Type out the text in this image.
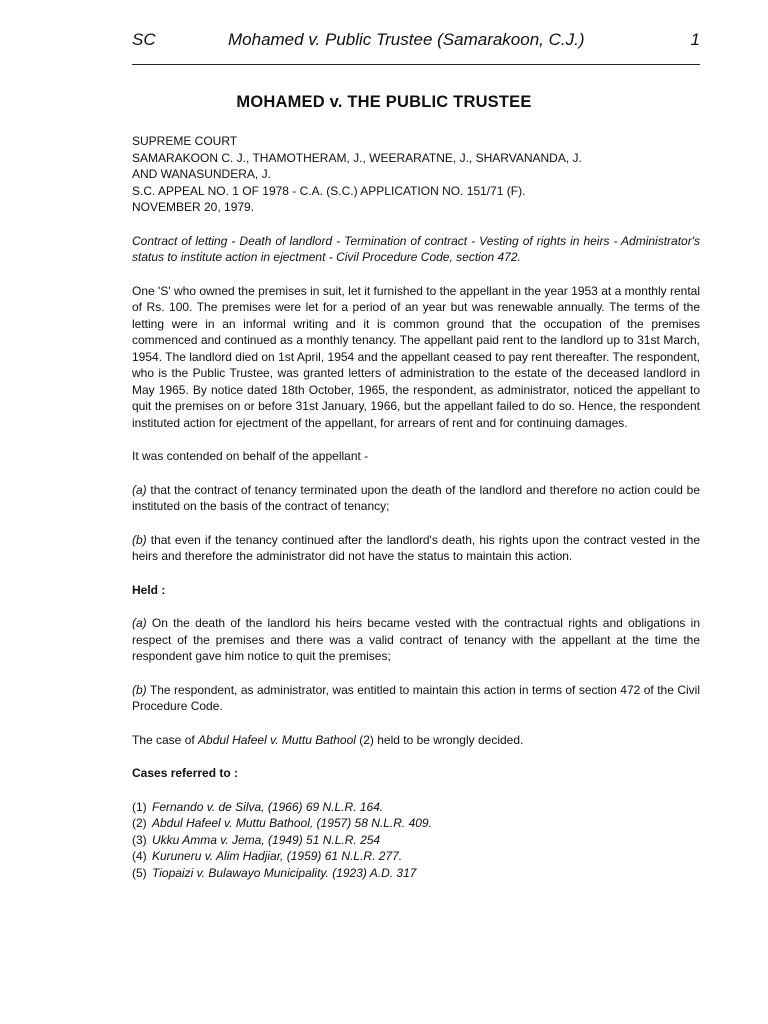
SC	Mohamed v. Public Trustee (Samarakoon, C.J.)	1
MOHAMED v. THE PUBLIC TRUSTEE

SUPREME COURT

SAMARAKOON C. J., THAMOTHERAM, J., WEERARATNE, J., SHARVANANDA, J.

AND WANASUNDERA, J.

S.C. APPEAL NO. 1 OF 1978 - C.A. (S.C.) APPLICATION NO. 151/71 (F).

NOVEMBER 20, 1979.

Contract of letting - Death of landlord - Termination of contract - Vesting of rights in heirs - Administrator's status to institute action in ejectment - Civil Procedure Code, section 472.

One 'S' who owned the premises in suit, let it furnished to the appellant in the year 1953 at a monthly rental of Rs. 100. The premises were let for a period of an year but was renewable annually. The terms of the letting were in an informal writing and it is common ground that the occupation of the premises commenced and continued as a monthly tenancy. The appellant paid rent to the landlord up to 31st March, 1954. The landlord died on 1st April, 1954 and the appellant ceased to pay rent thereafter. The respondent, who is the Public Trustee, was granted letters of administration to the estate of the deceased landlord in May 1965. By notice dated 18th October, 1965, the respondent, as administrator, noticed the appellant to quit the premises on or before 31st January, 1966, but the appellant failed to do so. Hence, the respondent instituted action for ejectment of the appellant, for arrears of rent and for continuing damages.

It was contended on behalf of the appellant -

(a) that the contract of tenancy terminated upon the death of the landlord and therefore no action could be instituted on the basis of the contract of tenancy;

(b) that even if the tenancy continued after the landlord's death, his rights upon the contract vested in the heirs and therefore the administrator did not have the status to maintain this action.

Held :

(a) On the death of the landlord his heirs became vested with the contractual rights and obligations in respect of the premises and there was a valid contract of tenancy with the appellant at the time the respondent gave him notice to quit the premises;

(b) The respondent, as administrator, was entitled to maintain this action in terms of section 472 of the Civil Procedure Code.

The case of Abdul Hafeel v. Muttu Bathool (2) held to be wrongly decided.

Cases referred to :

(1) Fernando v. de Silva, (1966) 69 N.L.R. 164.
(2) Abdul Hafeel v. Muttu Bathool, (1957) 58 N.L.R. 409.
(3) Ukku Amma v. Jema, (1949) 51 N.L.R. 254
(4) Kuruneru v. Alim Hadjiar, (1959) 61 N.L.R. 277.
(5) Tiopaizi v. Bulawayo Municipality. (1923) A.D. 317
